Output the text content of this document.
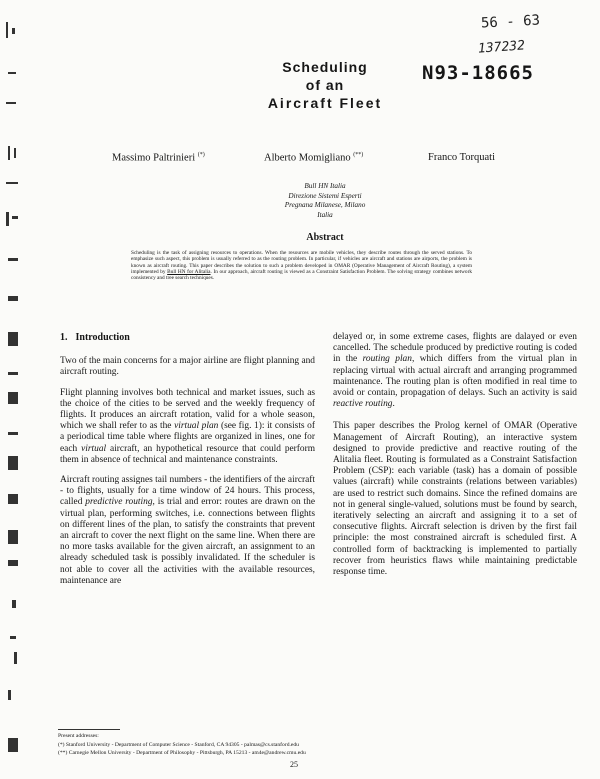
56 - 63
137232
N93-18665
Scheduling
of an
Aircraft Fleet
Massimo Paltrinieri (*)	Alberto Momigliano (**)	Franco Torquati
Bull HN Italia
Direzione Sistemi Esperti
Pregnana Milanese, Milano
Italia
Abstract
Scheduling is the task of assigning resources to operations. When the resources are mobile vehicles, they describe routes through the served stations. To emphasize such aspect, this problem is usually referred to as the routing problem. In particular, if vehicles are aircraft and stations are airports, the problem is known as aircraft routing. This paper describes the solution to such a problem developed in OMAR (Operative Management of Aircraft Routing), a system implemented by Bull HN for Alitalia. In our approach, aircraft routing is viewed as a Constraint Satisfaction Problem. The solving strategy combines network consistency and tree search techniques.
1. Introduction

Two of the main concerns for a major airline are flight planning and aircraft routing.

Flight planning involves both technical and market issues, such as the choice of the cities to be served and the weekly frequency of flights. It produces an aircraft rotation, valid for a whole season, which we shall refer to as the virtual plan (see fig. 1): it consists of a periodical time table where flights are organized in lines, one for each virtual aircraft, an hypothetical resource that could perform them in absence of technical and maintenance constraints.

Aircraft routing assignes tail numbers - the identifiers of the aircraft - to flights, usually for a time window of 24 hours. This process, called predictive routing, is trial and error: routes are drawn on the virtual plan, performing switches, i.e. connections between flights on different lines of the plan, to satisfy the constraints that prevent an aircraft to cover the next flight on the same line. When there are no more tasks available for the given aircraft, an assignment to an already scheduled task is possibly invalidated. If the scheduler is not able to cover all the activities with the available resources, maintenance are

delayed or, in some extreme cases, flights are dalayed or even cancelled. The schedule produced by predictive routing is coded in the routing plan, which differs from the virtual plan in replacing virtual with actual aircraft and arranging programmed maintenance. The routing plan is often modified in real time to avoid or contain, propagation of delays. Such an activity is said reactive routing.

This paper describes the Prolog kernel of OMAR (Operative Management of Aircraft Routing), an interactive system designed to provide predictive and reactive routing of the Alitalia fleet. Routing is formulated as a Constraint Satisfaction Problem (CSP): each variable (task) has a domain of possible values (aircraft) while constraints (relations between variables) are used to restrict such domains. Since the refined domains are not in general single-valued, solutions must be found by search, iteratively selecting an aircraft and assigning it to a set of consecutive flights. Aircraft selection is driven by the first fail principle: the most constrained aircraft is scheduled first. A controlled form of backtracking is implemented to partially recover from heuristics flaws while maintaining predictable response time.

Present addresses:
(*) Stanford University - Department of Computer Science - Stanford, CA 94305 - palmas@cs.stanford.edu
(**) Carnegie Mellon University - Department of Philosophy - Pittsburgh, PA 15213 - am4e@andrew.cmu.edu
25
